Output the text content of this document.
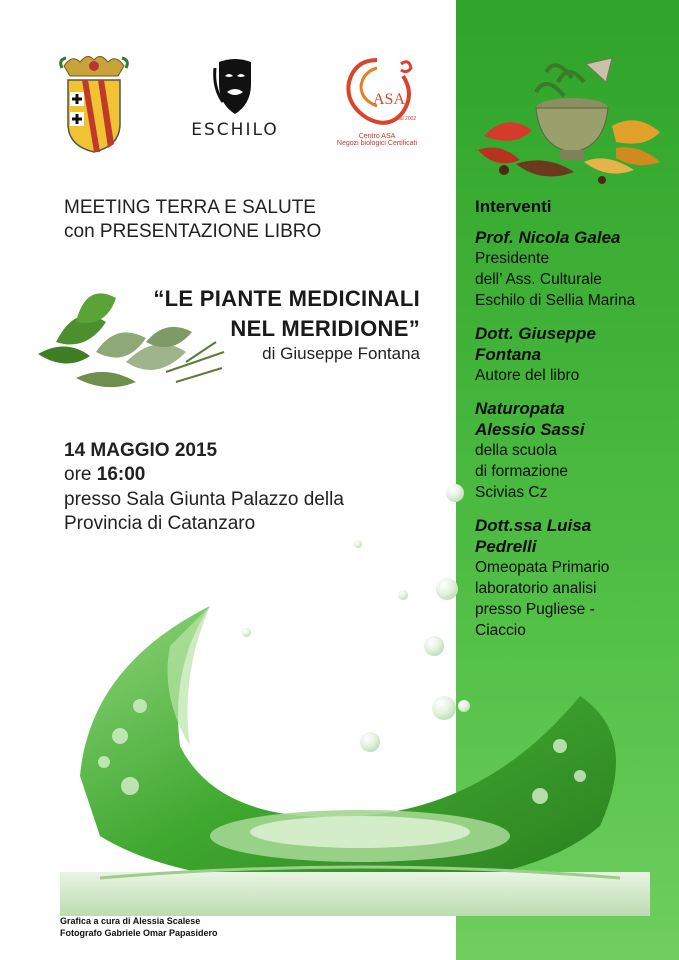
ESCHILO
ASA
dal 2002
Centro ASA
Negozi biologici Certificati
MEETING TERRA E SALUTE
con PRESENTAZIONE LIBRO
“LE PIANTE MEDICINALI
NEL MERIDIONE”
di Giuseppe Fontana
14 MAGGIO 2015
ore 16:00
presso Sala Giunta Palazzo della
Provincia di Catanzaro
Interventi
Prof. Nicola Galea
Presidente
dell’ Ass. Culturale
Eschilo di Sellia Marina
Dott. Giuseppe
Fontana
Autore del libro
Naturopata
Alessio Sassi
della scuola
di formazione
Scivias Cz
Dott.ssa Luisa
Pedrelli
Omeopata Primario
laboratorio analisi
presso Pugliese -
Ciaccio
Grafica a cura di Alessia Scalese
Fotografo Gabriele Omar Papasidero
